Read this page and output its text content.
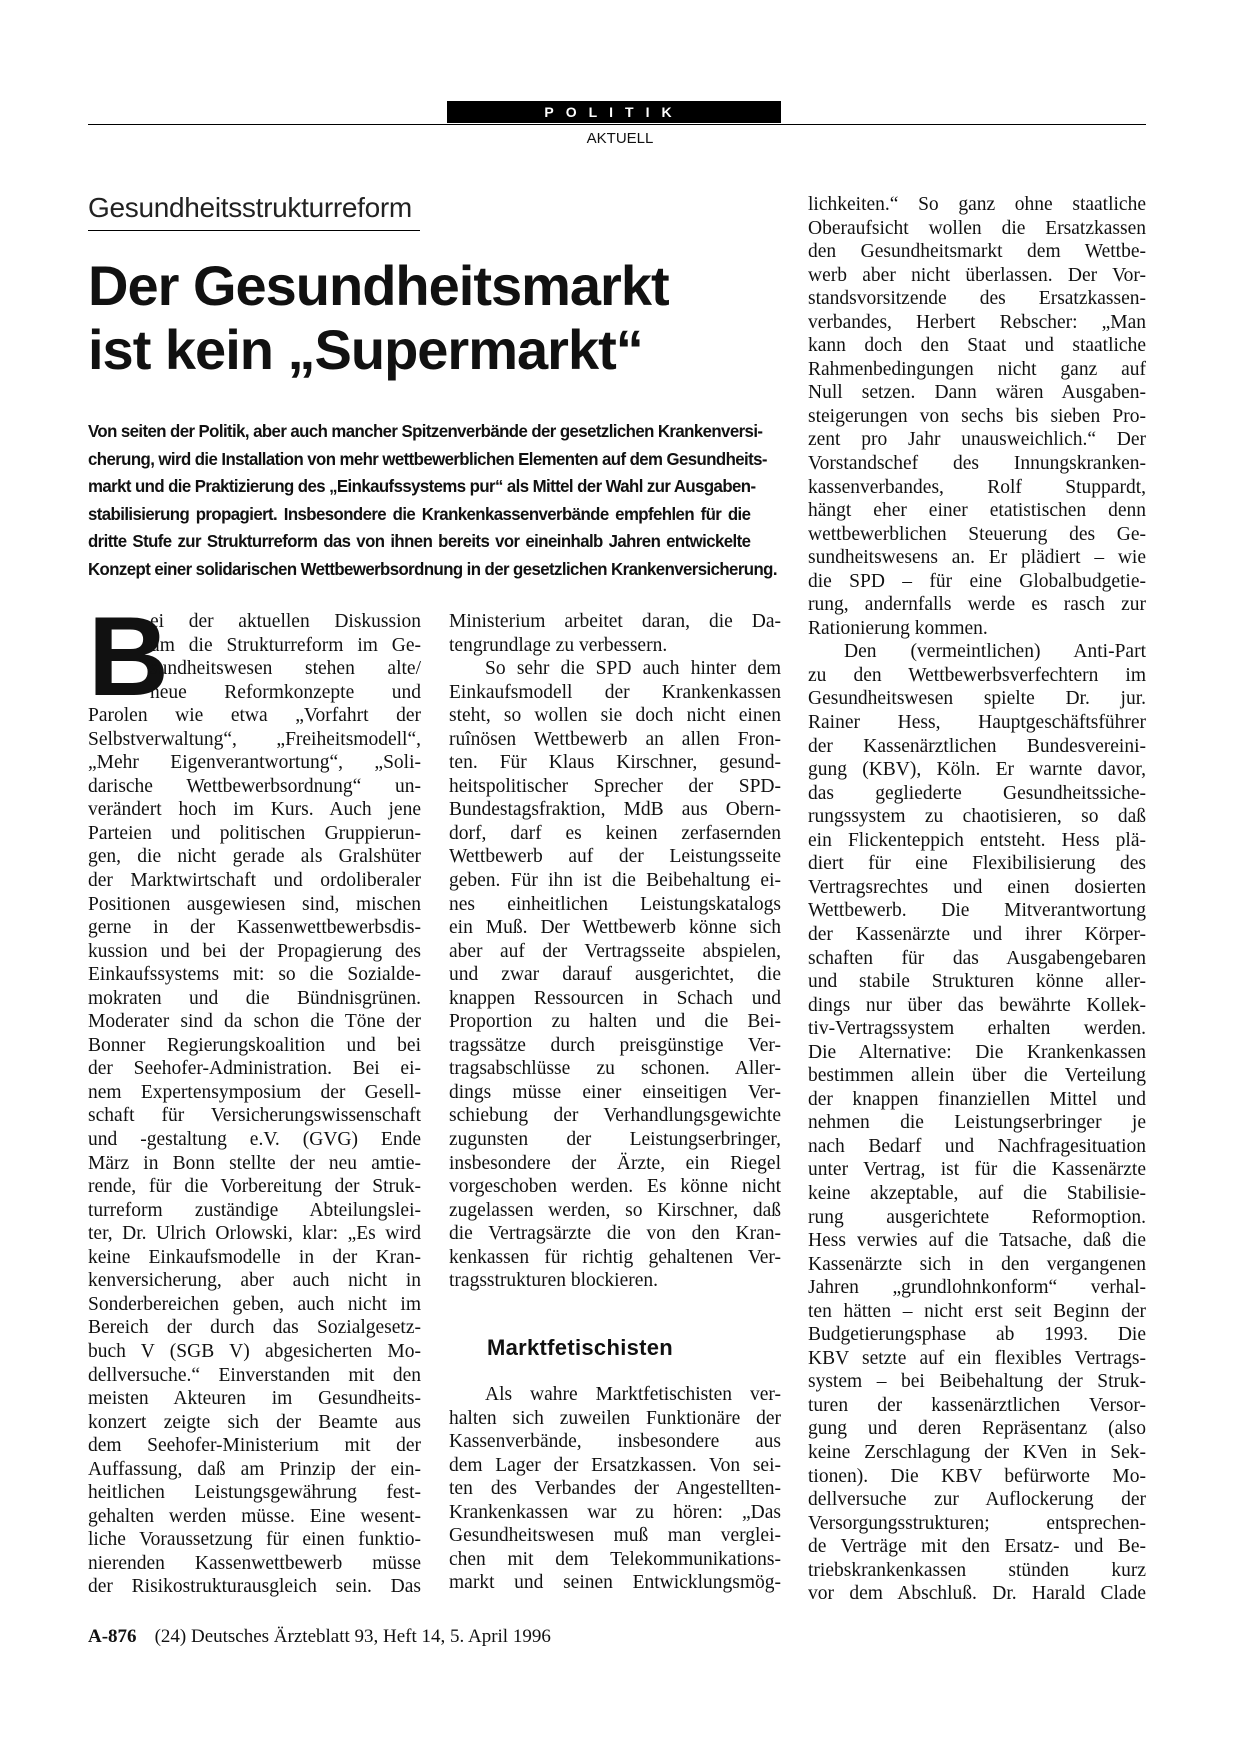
POLITIK
AKTUELL
Gesundheitsstrukturreform
Der Gesundheitsmarkt
ist kein „Supermarkt“
Von seiten der Politik, aber auch mancher Spitzenverbände der gesetzlichen Krankenversi-
cherung, wird die Installation von mehr wettbewerblichen Elementen auf dem Gesundheits-
markt und die Praktizierung des „Einkaufssystems pur“ als Mittel der Wahl zur Ausgaben-
stabilisierung propagiert. Insbesondere die Krankenkassenverbände empfehlen für die
dritte Stufe zur Strukturreform das von ihnen bereits vor eineinhalb Jahren entwickelte
Konzept einer solidarischen Wettbewerbsordnung in der gesetzlichen Krankenversicherung.
B
ei der aktuellen Diskussion
um die Strukturreform im Ge-
sundheitswesen stehen alte/
neue Reformkonzepte und
Parolen wie etwa „Vorfahrt der
Selbstverwaltung“, „Freiheitsmodell“,
„Mehr Eigenverantwortung“, „Soli-
darische Wettbewerbsordnung“ un-
verändert hoch im Kurs. Auch jene
Parteien und politischen Gruppierun-
gen, die nicht gerade als Gralshüter
der Marktwirtschaft und ordoliberaler
Positionen ausgewiesen sind, mischen
gerne in der Kassenwettbewerbsdis-
kussion und bei der Propagierung des
Einkaufssystems mit: so die Sozialde-
mokraten und die Bündnisgrünen.
Moderater sind da schon die Töne der
Bonner Regierungskoalition und bei
der Seehofer-Administration. Bei ei-
nem Expertensymposium der Gesell-
schaft für Versicherungswissenschaft
und -gestaltung e.V. (GVG) Ende
März in Bonn stellte der neu amtie-
rende, für die Vorbereitung der Struk-
turreform zuständige Abteilungslei-
ter, Dr. Ulrich Orlowski, klar: „Es wird
keine Einkaufsmodelle in der Kran-
kenversicherung, aber auch nicht in
Sonderbereichen geben, auch nicht im
Bereich der durch das Sozialgesetz-
buch V (SGB V) abgesicherten Mo-
dellversuche.“ Einverstanden mit den
meisten Akteuren im Gesundheits-
konzert zeigte sich der Beamte aus
dem Seehofer-Ministerium mit der
Auffassung, daß am Prinzip der ein-
heitlichen Leistungsgewährung fest-
gehalten werden müsse. Eine wesent-
liche Voraussetzung für einen funktio-
nierenden Kassenwettbewerb müsse
der Risikostrukturausgleich sein. Das
Ministerium arbeitet daran, die Da-
tengrundlage zu verbessern.
So sehr die SPD auch hinter dem
Einkaufsmodell der Krankenkassen
steht, so wollen sie doch nicht einen
ruînösen Wettbewerb an allen Fron-
ten. Für Klaus Kirschner, gesund-
heitspolitischer Sprecher der SPD-
Bundestagsfraktion, MdB aus Obern-
dorf, darf es keinen zerfasernden
Wettbewerb auf der Leistungsseite
geben. Für ihn ist die Beibehaltung ei-
nes einheitlichen Leistungskatalogs
ein Muß. Der Wettbewerb könne sich
aber auf der Vertragsseite abspielen,
und zwar darauf ausgerichtet, die
knappen Ressourcen in Schach und
Proportion zu halten und die Bei-
tragssätze durch preisgünstige Ver-
tragsabschlüsse zu schonen. Aller-
dings müsse einer einseitigen Ver-
schiebung der Verhandlungsgewichte
zugunsten der Leistungserbringer,
insbesondere der Ärzte, ein Riegel
vorgeschoben werden. Es könne nicht
zugelassen werden, so Kirschner, daß
die Vertragsärzte die von den Kran-
kenkassen für richtig gehaltenen Ver-
tragsstrukturen blockieren.
Marktfetischisten
Als wahre Marktfetischisten ver-
halten sich zuweilen Funktionäre der
Kassenverbände, insbesondere aus
dem Lager der Ersatzkassen. Von sei-
ten des Verbandes der Angestellten-
Krankenkassen war zu hören: „Das
Gesundheitswesen muß man verglei-
chen mit dem Telekommunikations-
markt und seinen Entwicklungsmög-
lichkeiten.“ So ganz ohne staatliche
Oberaufsicht wollen die Ersatzkassen
den Gesundheitsmarkt dem Wettbe-
werb aber nicht überlassen. Der Vor-
standsvorsitzende des Ersatzkassen-
verbandes, Herbert Rebscher: „Man
kann doch den Staat und staatliche
Rahmenbedingungen nicht ganz auf
Null setzen. Dann wären Ausgaben-
steigerungen von sechs bis sieben Pro-
zent pro Jahr unausweichlich.“ Der
Vorstandschef des Innungskranken-
kassenverbandes, Rolf Stuppardt,
hängt eher einer etatistischen denn
wettbewerblichen Steuerung des Ge-
sundheitswesens an. Er plädiert – wie
die SPD – für eine Globalbudgetie-
rung, andernfalls werde es rasch zur
Rationierung kommen.
Den (vermeintlichen) Anti-Part
zu den Wettbewerbsverfechtern im
Gesundheitswesen spielte Dr. jur.
Rainer Hess, Hauptgeschäftsführer
der Kassenärztlichen Bundesvereini-
gung (KBV), Köln. Er warnte davor,
das gegliederte Gesundheitssiche-
rungssystem zu chaotisieren, so daß
ein Flickenteppich entsteht. Hess plä-
diert für eine Flexibilisierung des
Vertragsrechtes und einen dosierten
Wettbewerb. Die Mitverantwortung
der Kassenärzte und ihrer Körper-
schaften für das Ausgabengebaren
und stabile Strukturen könne aller-
dings nur über das bewährte Kollek-
tiv-Vertragssystem erhalten werden.
Die Alternative: Die Krankenkassen
bestimmen allein über die Verteilung
der knappen finanziellen Mittel und
nehmen die Leistungserbringer je
nach Bedarf und Nachfragesituation
unter Vertrag, ist für die Kassenärzte
keine akzeptable, auf die Stabilisie-
rung ausgerichtete Reformoption.
Hess verwies auf die Tatsache, daß die
Kassenärzte sich in den vergangenen
Jahren „grundlohnkonform“ verhal-
ten hätten – nicht erst seit Beginn der
Budgetierungsphase ab 1993. Die
KBV setzte auf ein flexibles Vertrags-
system – bei Beibehaltung der Struk-
turen der kassenärztlichen Versor-
gung und deren Repräsentanz (also
keine Zerschlagung der KVen in Sek-
tionen). Die KBV befürworte Mo-
dellversuche zur Auflockerung der
Versorgungsstrukturen; entsprechen-
de Verträge mit den Ersatz- und Be-
triebskrankenkassen stünden kurz
vor dem Abschluß. Dr. Harald Clade
A-876 (24) Deutsches Ärzteblatt 93, Heft 14, 5. April 1996
